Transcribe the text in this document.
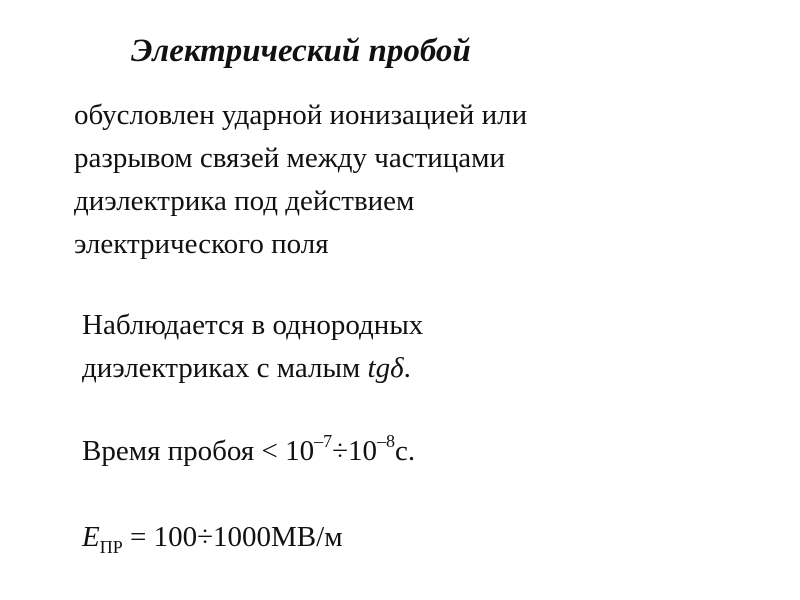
Электрический пробой
обусловлен ударной ионизацией или
разрывом связей между частицами
диэлектрика под действием
электрического поля
Наблюдается в однородных
диэлектриках с малым tgδ.
Время пробоя < $10^{-7}\div 10^{-8}с$.
$E_{ПР} = 100\div 1000МВ/м$
